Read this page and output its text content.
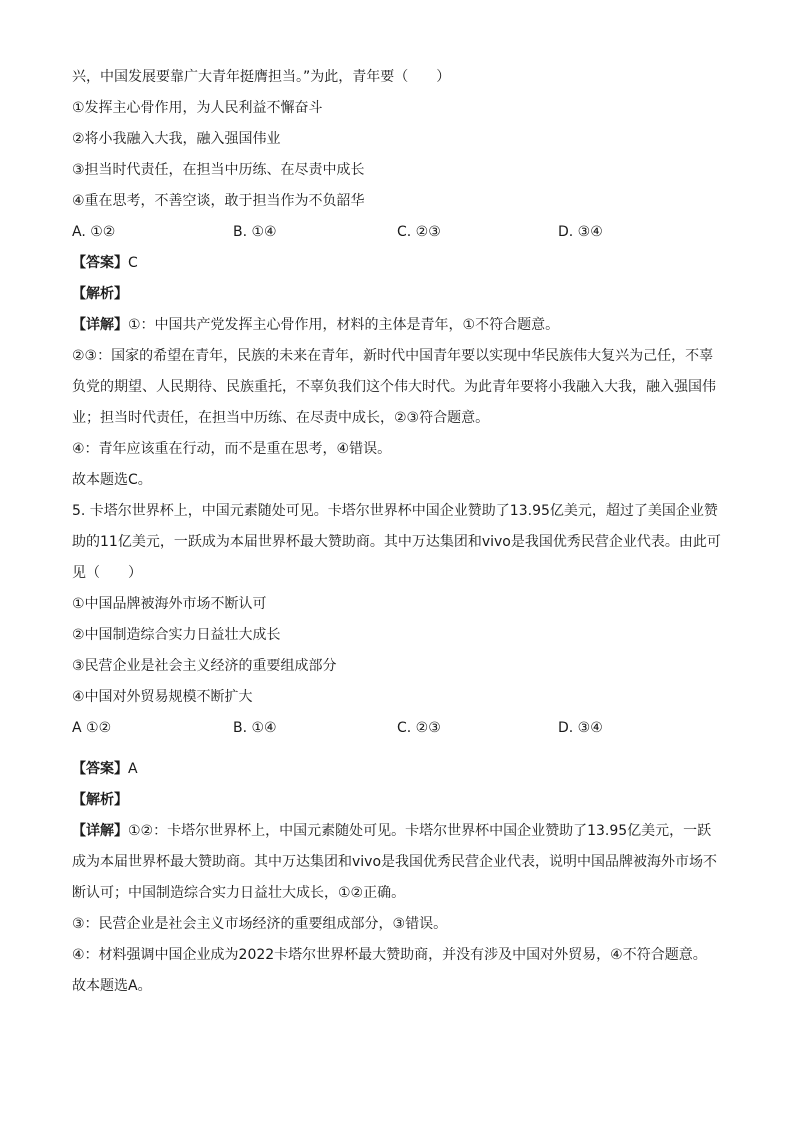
兴，中国发展要靠广大青年挺膺担当。”为此，青年要（　　）
①发挥主心骨作用，为人民利益不懈奋斗
②将小我融入大我，融入强国伟业
③担当时代责任，在担当中历练、在尽责中成长
④重在思考，不善空谈，敢于担当作为不负韶华
A. ①②	B. ①④	C. ②③	D. ③④
【答案】C
【解析】
【详解】①：中国共产党发挥主心骨作用，材料的主体是青年，①不符合题意。
②③：国家的希望在青年，民族的未来在青年，新时代中国青年要以实现中华民族伟大复兴为己任，不辜负党的期望、人民期待、民族重托，不辜负我们这个伟大时代。为此青年要将小我融入大我，融入强国伟业；担当时代责任，在担当中历练、在尽责中成长，②③符合题意。
④：青年应该重在行动，而不是重在思考，④错误。
故本题选C。
5. 卡塔尔世界杯上，中国元素随处可见。卡塔尔世界杯中国企业赞助了13.95亿美元，超过了美国企业赞助的11亿美元，一跃成为本届世界杯最大赞助商。其中万达集团和vivo是我国优秀民营企业代表。由此可见（　　）
①中国品牌被海外市场不断认可
②中国制造综合实力日益壮大成长
③民营企业是社会主义经济的重要组成部分
④中国对外贸易规模不断扩大
A ①②	B. ①④	C. ②③	D. ③④
【答案】A
【解析】
【详解】①②：卡塔尔世界杯上，中国元素随处可见。卡塔尔世界杯中国企业赞助了13.95亿美元，一跃成为本届世界杯最大赞助商。其中万达集团和vivo是我国优秀民营企业代表，说明中国品牌被海外市场不断认可；中国制造综合实力日益壮大成长，①②正确。
③：民营企业是社会主义市场经济的重要组成部分，③错误。
④：材料强调中国企业成为2022卡塔尔世界杯最大赞助商，并没有涉及中国对外贸易，④不符合题意。
故本题选A。
